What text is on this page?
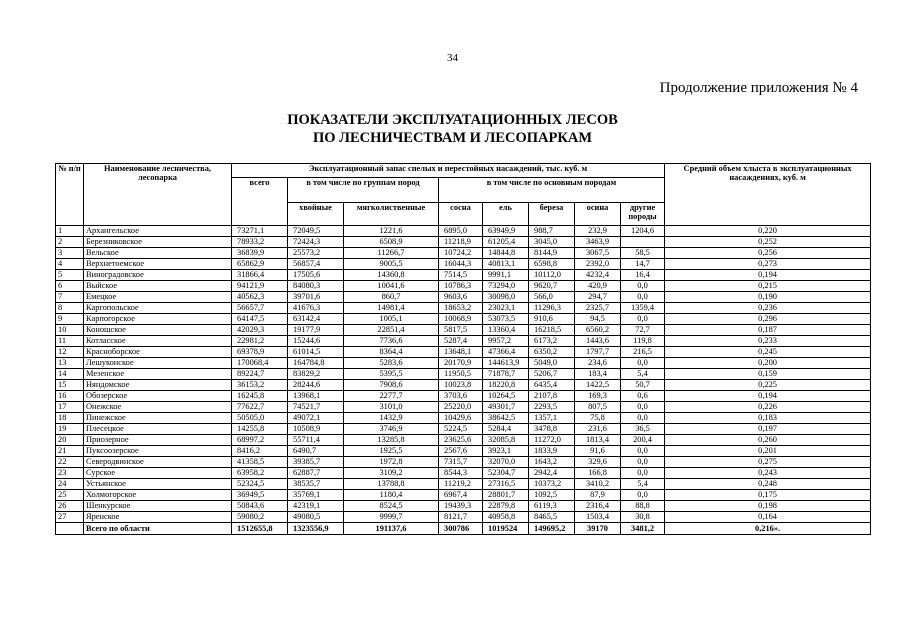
34
Продолжение приложения № 4
ПОКАЗАТЕЛИ ЭКСПЛУАТАЦИОННЫХ ЛЕСОВ
ПО ЛЕСНИЧЕСТВАМ И ЛЕСОПАРКАМ
№ п/п	Наименование лесничества, лесопарка	Эксплуатационный запас спелых и перестойных насаждений, тыс. куб. м								Средний объем хлыста в эксплуатационных насаждениях, куб. м
		всего	в том числе по группам пород		в том числе по основным породам					
			хвойные	мягколиственные	сосна	ель	береза	осина	другие породы	
1	Архангельское	73271,1	72049,5	1221,6	6895,0	63949,9	988,7	232,9	1204,6	0,220
2	Березниковское	78933,2	72424,3	6508,9	11218,9	61205,4	3045,0	3463,9		0,252
3	Вельское	36839,9	25573,2	11266,7	10724,2	14844,8	8144,9	3067,5	58,5	0,256
4	Верхнетоемское	65862,9	56857,4	9005,5	16044,3	40813,1	6598,8	2392,0	14,7	0,273
5	Виноградовское	31866,4	17505,6	14360,8	7514,5	9991,1	10112,0	4232,4	16,4	0,194
6	Выйское	94121,9	84080,3	10041,6	10786,3	73294,0	9620,7	420,9	0,0	0,215
7	Емецкое	40562,3	39701,6	860,7	9603,6	30098,0	566,0	294,7	0,0	0,190
8	Каргопольское	56657,7	41676,3	14981,4	18653,2	23023,1	11296,3	2325,7	1359,4	0,236
9	Карпогорское	64147,5	63142,4	1005,1	10068,9	53073,5	910,6	94,5	0,0	0,296
10	Коношское	42029,3	19177,9	22851,4	5817,5	13360,4	16218,5	6560,2	72,7	0,187
11	Котласское	22981,2	15244,6	7736,6	5287,4	9957,2	6173,2	1443,6	119,8	0,233
12	Красноборское	69378,9	61014,5	8364,4	13648,1	47366,4	6350,2	1797,7	216,5	0,245
13	Лешуконское	170068,4	164784,8	5283,6	20170,9	144613,9	5049,0	234,6	0,0	0,200
14	Мезенское	89224,7	83829,2	5395,5	11950,5	71878,7	5206,7	183,4	5,4	0,159
15	Няндомское	36153,2	28244,6	7908,6	10023,8	18220,8	6435,4	1422,5	50,7	0,225
16	Обозерское	16245,8	13968,1	2277,7	3703,6	10264,5	2107,8	169,3	0,6	0,194
17	Онежское	77622,7	74521,7	3101,0	25220,0	49301,7	2293,5	807,5	0,0	0,226
18	Пинежское	50505,0	49072,1	1432,9	10429,6	38642,5	1357,1	75,8	0,0	0,183
19	Плесецкое	14255,8	10508,9	3746,9	5224,5	5284,4	3478,8	231,6	36,5	0,197
20	Приозерное	68997,2	55711,4	13285,8	23625,6	32085,8	11272,0	1813,4	200,4	0,260
21	Пуксоозерское	8416,2	6490,7	1925,5	2567,6	3923,1	1833,9	91,6	0,0	0,201
22	Северодвинское	41358,5	39385,7	1972,8	7315,7	32070,0	1643,2	329,6	0,0	0,275
23	Сурское	63958,2	62887,7	3109,2	8544,3	52304,7	2942,4	166,8	0,0	0,243
24	Устьянское	52324,5	38535,7	13788,8	11219,2	27316,5	10373,2	3410,2	5,4	0,248
25	Холмогорское	36949,5	35769,1	1180,4	6967,4	28801,7	1092,5	87,9	0,0	0,175
26	Шенкурское	50843,6	42319,1	8524,5	19439,3	22879,8	6119,3	2316,4	88,8	0,198
27	Яренское	59080,2	49080,5	9999,7	8121,7	40958,8	8465,5	1503,4	30,8	0,164
	Всего по области	1512655,8	1323556,9	191137,6	300786	1019524	149695,2	39170	3481,2	0,216».
